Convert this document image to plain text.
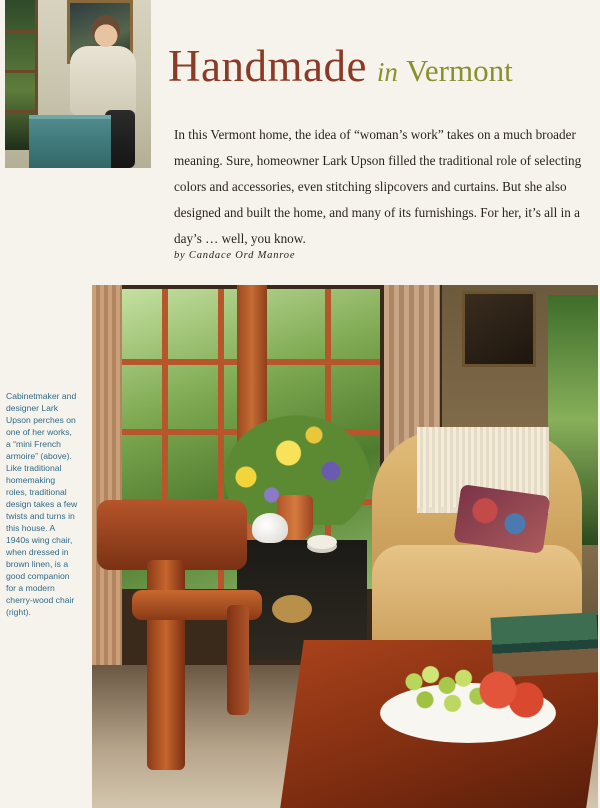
Handmade in Vermont

In this Vermont home, the idea of “woman’s work” takes on a much broader meaning. Sure, homeowner Lark Upson filled the traditional role of selecting colors and accessories, even stitching slipcovers and curtains. But she also designed and built the home, and many of its furnishings. For her, it’s all in a day’s … well, you know.

by Candace Ord Manroe
Cabinetmaker and designer Lark Upson perches on one of her works, a “mini French armoire” (above). Like traditional homemaking roles, traditional design takes a few twists and turns in this house. A 1940s wing chair, when dressed in brown linen, is a good companion for a modern cherry-wood chair (right).
